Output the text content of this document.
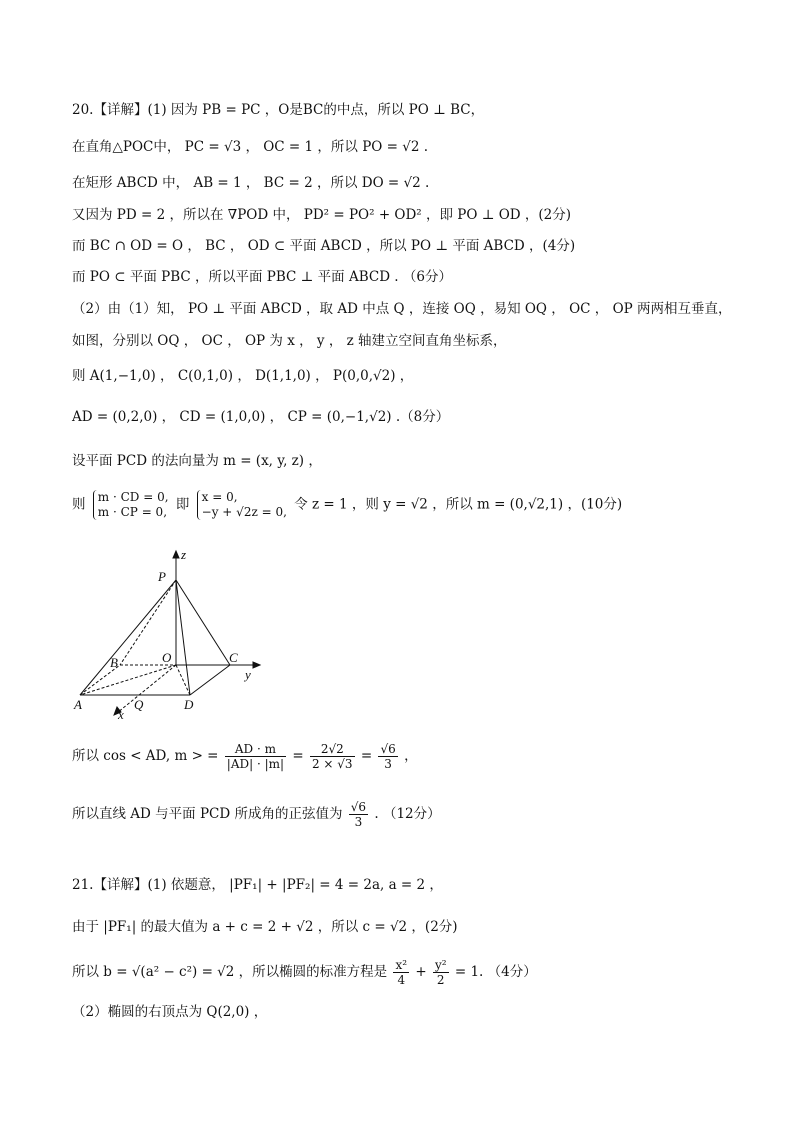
20.【详解】(1) 因为 PB = PC ，O是BC的中点，所以 PO ⊥ BC，
在直角△POC中， PC = √3 ， OC = 1 ，所以 PO = √2 .
在矩形 ABCD 中， AB = 1 ， BC = 2 ，所以 DO = √2 .
又因为 PD = 2 ，所以在 ∇POD 中， PD² = PO² + OD² ，即 PO ⊥ OD ，(2分)
而 BC ∩ OD = O ， BC ， OD ⊂ 平面 ABCD ，所以 PO ⊥ 平面 ABCD ，(4分)
而 PO ⊂ 平面 PBC ，所以平面 PBC ⊥ 平面 ABCD . （6分）
（2）由（1）知， PO ⊥ 平面 ABCD ，取 AD 中点 Q ，连接 OQ ，易知 OQ ， OC ， OP 两两相互垂直，
如图，分别以 OQ ， OC ， OP 为 x ， y ， z 轴建立空间直角坐标系，
则 A(1,−1,0) ， C(0,1,0) ， D(1,1,0) ， P(0,0,√2) ，
AD = (0,2,0) ， CD = (1,0,0) ， CP = (0,−1,√2) .（8分）
设平面 PCD 的法向量为 m = (x, y, z) ，
则 m · CD = 0,
m · CP = 0, 即 x = 0,
−y + √2z = 0, 令 z = 1 ，则 y = √2 ，所以 m = (0,√2,1) ，(10分)
P
z
B	O	C
y
A	Q	D
x
所以 cos < AD, m > = $\frac{AD \cdot m}{|AD| \cdot |m|} = \frac{2√2}{2 \times √3} = \frac{√6}{3}$ ，
所以直线 AD 与平面 PCD 所成角的正弦值为 $\frac{√6}{3}$ . （12分）
21.【详解】(1) 依题意， |PF₁| + |PF₂| = 4 = 2a, a = 2 ，
由于 |PF₁| 的最大值为 a + c = 2 + √2 ，所以 c = √2 ，(2分)
所以 b = √(a² − c²) = √2 ，所以椭圆的标准方程是 $\frac{\text{x²}}{4} + \frac{\text{y²}}{2} = 1$. （4分）
（2）椭圆的右顶点为 Q(2,0) ，
